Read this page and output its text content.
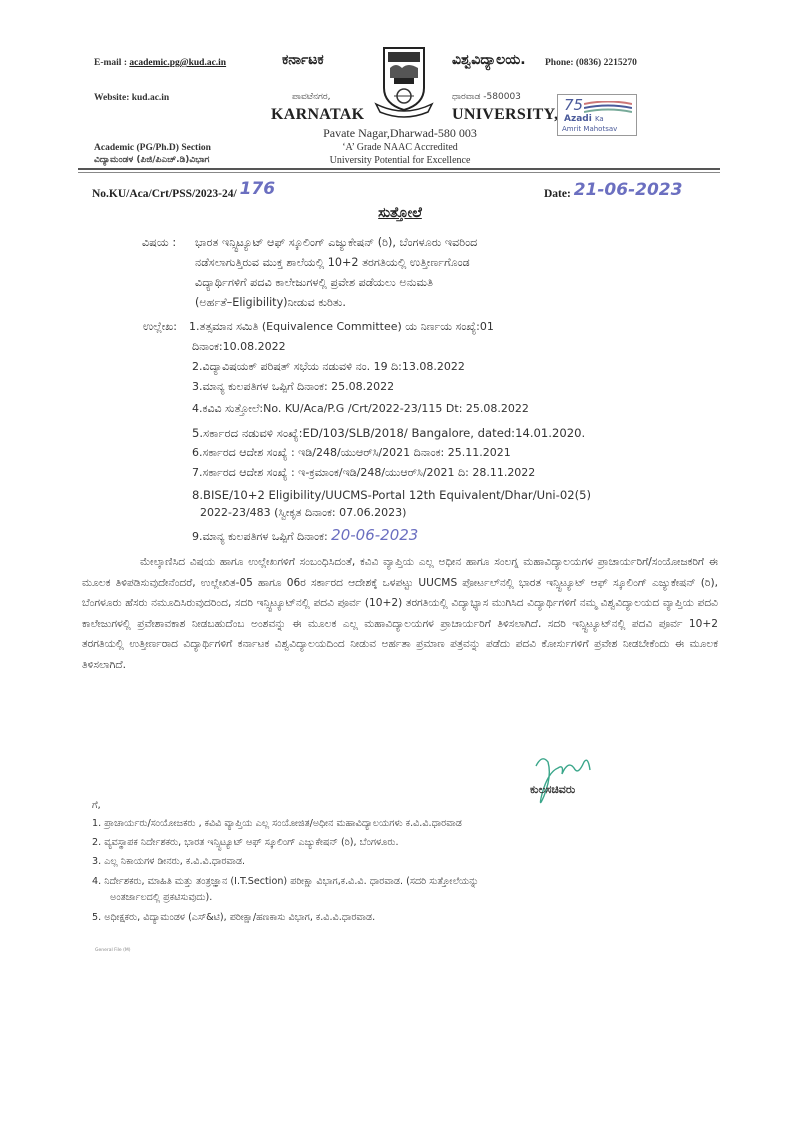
E-mail : academic.pg@kud.ac.in
Website: kud.ac.in
ಕರ್ನಾಟಕ	ವಿಶ್ವವಿದ್ಯಾಲಯ. Phone: (0836) 2215270
ಪಾವಟೆನಗರ,	ಧಾರವಾಡ -580003
KARNATAK	UNIVERSITY,
Pavate Nagar,Dharwad-580 003
‘A’ Grade NAAC Accredited
University Potential for Excellence
Academic (PG/Ph.D) Section
ವಿದ್ಯಾಮಂಡಳ (ಪಿಜಿ/ಪಿಎಚ್.ಡಿ)ವಿಭಾಗ
75
Azadi Ka
Amrit Mahotsav
No.KU/Aca/Crt/PSS/2023-24/ 176	Date: 21-06-2023
ಸುತ್ತೋಲೆ
ವಿಷಯ : ಭಾರತ ಇನ್ಸ್ಟಿಟ್ಯೂಟ್ ಆಫ್ ಸ್ಕೂಲಿಂಗ್ ಎಜ್ಯುಕೇಷನ್ (ರಿ), ಬೆಂಗಳೂರು ಇವರಿಂದ
ನಡೆಸಲಾಗುತ್ತಿರುವ ಮುಕ್ತ ಶಾಲೆಯಲ್ಲಿ 10+2 ತರಗತಿಯಲ್ಲಿ ಉತ್ತೀರ್ಣಗೊಂಡ
ವಿದ್ಯಾರ್ಥಿಗಳಿಗೆ ಪದವಿ ಕಾಲೇಜುಗಳಲ್ಲಿ ಪ್ರವೇಶ ಪಡೆಯಲು ಅನುಮತಿ
(ಅರ್ಹತೆ–Eligibility)ನೀಡುವ ಕುರಿತು.
ಉಲ್ಲೇಖ: 1.ತತ್ಸಮಾನ ಸಮಿತಿ (Equivalence Committee) ಯ ನಿರ್ಣಯ ಸಂಖ್ಯೆ:01
ದಿನಾಂಕ:10.08.2022
2.ವಿದ್ಯಾವಿಷಯಕ್ ಪರಿಷತ್ ಸಭೆಯ ನಡುವಳಿ ನಂ. 19 ದಿ:13.08.2022
3.ಮಾನ್ಯ ಕುಲಪತಿಗಳ ಒಪ್ಪಿಗೆ ದಿನಾಂಕ: 25.08.2022
4.ಕವಿವಿ ಸುತ್ತೋಲೆ:No. KU/Aca/P.G /Crt/2022-23/115 Dt: 25.08.2022
5.ಸರ್ಕಾರದ ನಡುವಳಿ ಸಂಖ್ಯೆ:ED/103/SLB/2018/ Bangalore, dated:14.01.2020.
6.ಸರ್ಕಾರದ ಆದೇಶ ಸಂಖ್ಯೆ : ಇಡಿ/248/ಯುಆರ್‌ಸಿ/2021 ದಿನಾಂಕ: 25.11.2021
7.ಸರ್ಕಾರದ ಆದೇಶ ಸಂಖ್ಯೆ : ಇ-ಕ್ರಮಾಂಕ/ಇಡಿ/248/ಯುಆರ್‌ಸಿ/2021 ದಿ: 28.11.2022
8.BISE/10+2 Eligibility/UUCMS-Portal 12th Equivalent/Dhar/Uni-02(5)
2022-23/483 (ಸ್ವೀಕೃತ ದಿನಾಂಕ: 07.06.2023)
9.ಮಾನ್ಯ ಕುಲಪತಿಗಳ ಒಪ್ಪಿಗೆ ದಿನಾಂಕ: 20-06-2023
ಮೇಲ್ಕಾಣಿಸಿದ ವಿಷಯ ಹಾಗೂ ಉಲ್ಲೇಖಗಳಿಗೆ ಸಂಬಂಧಿಸಿದಂತೆ, ಕವಿವಿ ವ್ಯಾಪ್ತಿಯ ಎಲ್ಲ ಅಧೀನ ಹಾಗೂ ಸಂಲಗ್ನ ಮಹಾವಿದ್ಯಾಲಯಗಳ ಪ್ರಾಚಾರ್ಯರಿಗೆ/ಸಂಯೋಜಕರಿಗೆ ಈ ಮೂಲಕ ತಿಳಿಪಡಿಸುವುದೇನೆಂದರೆ, ಉಲ್ಲೇಖಿತ-05 ಹಾಗೂ 06ರ ಸರ್ಕಾರದ ಆದೇಶಕ್ಕೆ ಒಳಪಟ್ಟು UUCMS ಪೋರ್ಟಲ್‌ನಲ್ಲಿ ಭಾರತ ಇನ್ಸ್ಟಿಟ್ಯೂಟ್ ಆಫ್ ಸ್ಕೂಲಿಂಗ್ ಎಜ್ಯುಕೇಷನ್ (ರಿ), ಬೆಂಗಳೂರು ಹೆಸರು ನಮೂದಿಸಿರುವುದರಿಂದ, ಸದರಿ ಇನ್ಸ್ಟಿಟ್ಯೂಟ್‌ನಲ್ಲಿ ಪದವಿ ಪೂರ್ವ (10+2) ತರಗತಿಯಲ್ಲಿ ವಿದ್ಯಾಭ್ಯಾಸ ಮುಗಿಸಿದ ವಿದ್ಯಾರ್ಥಿಗಳಿಗೆ ನಮ್ಮ ವಿಶ್ವವಿದ್ಯಾಲಯದ ವ್ಯಾಪ್ತಿಯ ಪದವಿ ಕಾಲೇಜುಗಳಲ್ಲಿ ಪ್ರವೇಶಾವಕಾಶ ನೀಡಬಹುದೆಂಬ ಅಂಶವನ್ನು ಈ ಮೂಲಕ ಎಲ್ಲ ಮಹಾವಿದ್ಯಾಲಯಗಳ ಪ್ರಾಚಾರ್ಯರಿಗೆ ತಿಳಿಸಲಾಗಿದೆ. ಸದರಿ ಇನ್ಸ್ಟಿಟ್ಯೂಟ್‌ನಲ್ಲಿ ಪದವಿ ಪೂರ್ವ 10+2 ತರಗತಿಯಲ್ಲಿ ಉತ್ತೀರ್ಣರಾದ ವಿದ್ಯಾರ್ಥಿಗಳಿಗೆ ಕರ್ನಾಟಕ ವಿಶ್ವವಿದ್ಯಾಲಯದಿಂದ ನೀಡುವ ಅರ್ಹತಾ ಪ್ರಮಾಣ ಪತ್ರವನ್ನು ಪಡೆದು ಪದವಿ ಕೋರ್ಸುಗಳಿಗೆ ಪ್ರವೇಶ ನೀಡಬೇಕೆಂದು ಈ ಮೂಲಕ ತಿಳಿಸಲಾಗಿದೆ.
ಕುಲಸಚಿವರು
ಗೆ,
1. ಪ್ರಾಚಾರ್ಯರು/ಸಂಯೋಜಕರು , ಕವಿವಿ ವ್ಯಾಪ್ತಿಯ ಎಲ್ಲ ಸಂಯೋಜಿತ/ಅಧೀನ ಮಹಾವಿದ್ಯಾಲಯಗಳು ಕ.ವಿ.ವಿ.ಧಾರವಾಡ
2. ವ್ಯವಸ್ಥಾಪಕ ನಿರ್ದೇಶಕರು, ಭಾರತ ಇನ್ಸ್ಟಿಟ್ಯೂಟ್ ಆಫ್ ಸ್ಕೂಲಿಂಗ್ ಎಜ್ಯುಕೇಷನ್ (ರಿ), ಬೆಂಗಳೂರು.
3. ಎಲ್ಲ ನಿಕಾಯಗಳ ಡೀನರು, ಕ.ವಿ.ವಿ.ಧಾರವಾಡ.
4. ನಿರ್ದೇಶಕರು, ಮಾಹಿತಿ ಮತ್ತು ತಂತ್ರಜ್ಞಾನ (I.T.Section) ಪರೀಕ್ಷಾ ವಿಭಾಗ,ಕ.ವಿ.ವಿ. ಧಾರವಾಡ. (ಸದರಿ ಸುತ್ತೋಲೆಯನ್ನು
ಅಂತರ್ಜಾಲದಲ್ಲಿ ಪ್ರಕಟಿಸುವುದು).
5. ಅಧೀಕ್ಷಕರು, ವಿದ್ಯಾಮಂಡಳ (ಎಸ್&ಟಿ), ಪರೀಕ್ಷಾ/ಹಣಕಾಸು ವಿಭಾಗ, ಕ.ವಿ.ವಿ.ಧಾರವಾಡ.
General File (M)
